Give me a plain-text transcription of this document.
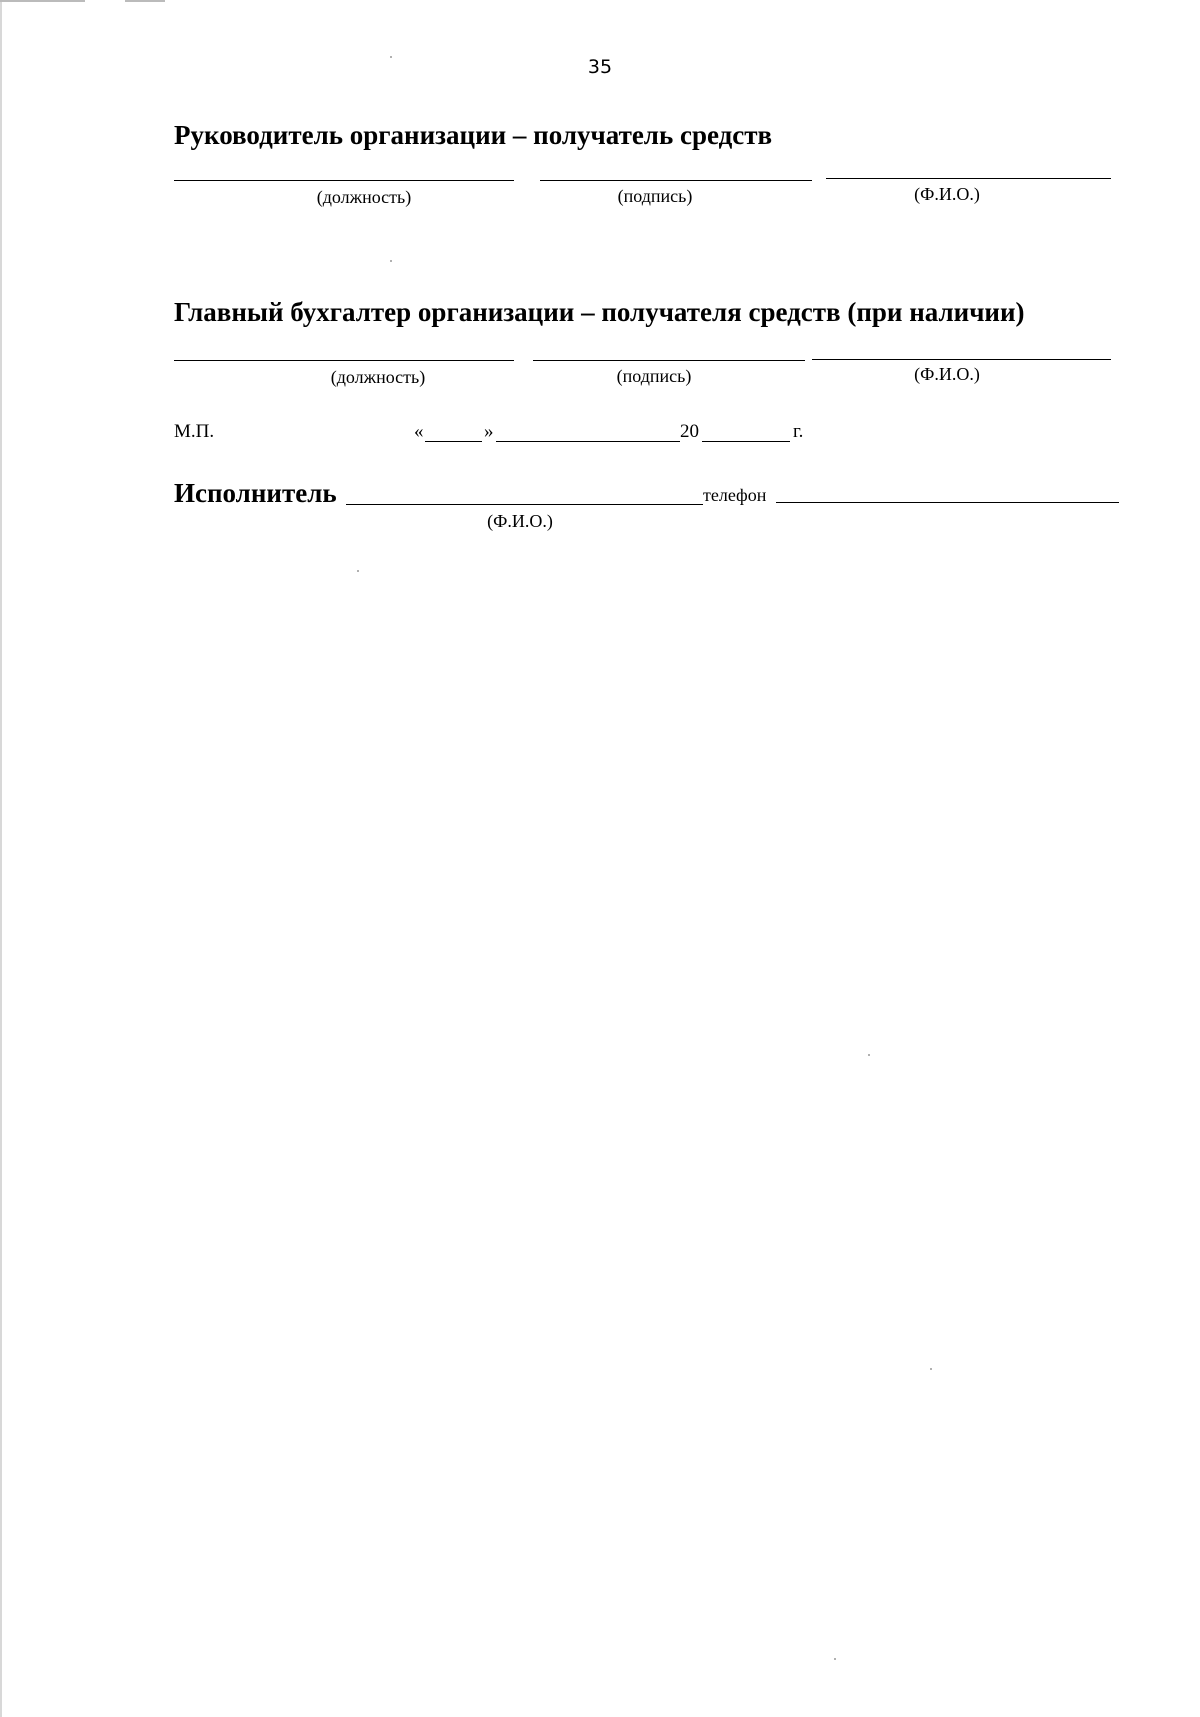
35
Руководитель организации – получатель средств
(должность)	(подпись)	(Ф.И.О.)
Главный бухгалтер организации – получателя средств (при наличии)
(должность)	(подпись)	(Ф.И.О.)
М.П.	«	»	20	г.
Исполнитель	телефон
(Ф.И.О.)
